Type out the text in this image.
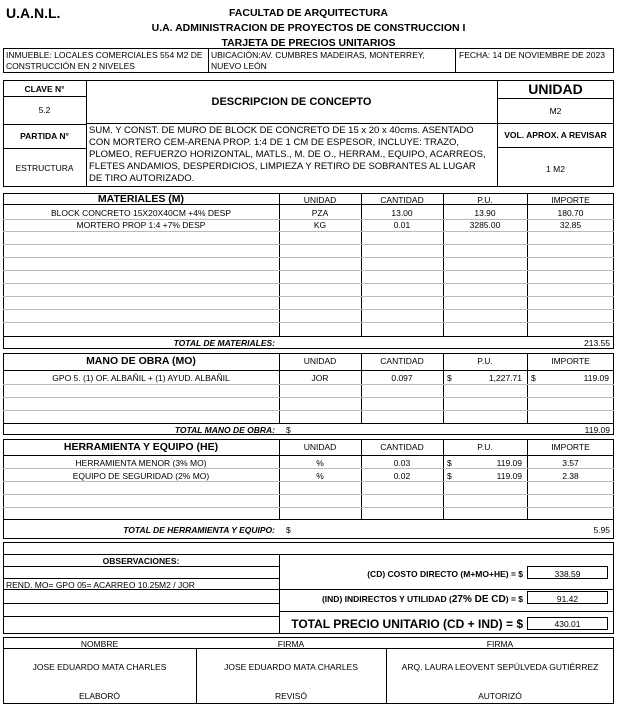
U.A.N.L.	FACULTAD DE ARQUITECTURA
U.A. ADMINISTRACION DE PROYECTOS DE CONSTRUCCION I
TARJETA DE PRECIOS UNITARIOS
INMUEBLE: LOCALES COMERCIALES 554 M2 DE
CONSTRUCCIÓN EN 2 NIVELES
UBICACIÓN:AV. CUMBRES MADEIRAS, MONTERREY,
NUEVO LEÓN
FECHA: 14 DE NOVIEMBRE DE 2023
CLAVE N°
5.2
PARTIDA N°
ESTRUCTURA
DESCRIPCION DE CONCEPTO
SUM. Y CONST. DE MURO DE BLOCK DE CONCRETO DE 15 x 20 x 40cms. ASENTADO
CON MORTERO CEM-ARENA PROP. 1:4 DE 1 CM DE ESPESOR, INCLUYE: TRAZO,
PLOMEO, REFUERZO HORIZONTAL, MATLS., M. DE O., HERRAM., EQUIPO, ACARREOS,
FLETES ANDAMIOS, DESPERDICIOS, LIMPIEZA Y RETIRO DE SOBRANTES AL LUGAR
DE TIRO AUTORIZADO.
UNIDAD
M2
VOL. APROX. A REVISAR
1 M2
MATERIALES (M)	UNIDAD	CANTIDAD	P.U.	IMPORTE
BLOCK CONCRETO 15X20X40CM +4% DESP	PZA	13.00	13.90	180.70
MORTERO PROP 1:4 +7% DESP	KG	0.01	3285.00	32.85
TOTAL DE MATERIALES:	213.55
MANO DE OBRA (MO)	UNIDAD	CANTIDAD	P.U.	IMPORTE
GPO 5. (1) OF. ALBAÑIL + (1) AYUD. ALBAÑIL	JOR	0.097	$	1,227.71 $	119.09
TOTAL MANO DE OBRA: $	119.09
HERRAMIENTA Y EQUIPO (HE)	UNIDAD	CANTIDAD	P.U.	IMPORTE
HERRAMIENTA MENOR (3% MO)	%	0.03	$	119.09	3.57
EQUIPO DE SEGURIDAD (2% MO)	%	0.02	$	119.09	2.38
TOTAL DE HERRAMIENTA Y EQUIPO: $	5.95
OBSERVACIONES:
REND. MO= GPO 05= ACARREO 10.25M2 / JOR
(CD) COSTO DIRECTO (M+MO+HE) = $	338.59
(IND) INDIRECTOS Y UTILIDAD (27% DE CD) = $	91.42
TOTAL PRECIO UNITARIO (CD + IND) = $	430.01
NOMBRE	FIRMA	FIRMA
JOSE EDUARDO MATA CHARLES	JOSE EDUARDO MATA CHARLES	ARQ. LAURA LEOVENT SEPÚLVEDA GUTIÉRREZ
ELABORÓ	REVISÓ	AUTORIZÓ
